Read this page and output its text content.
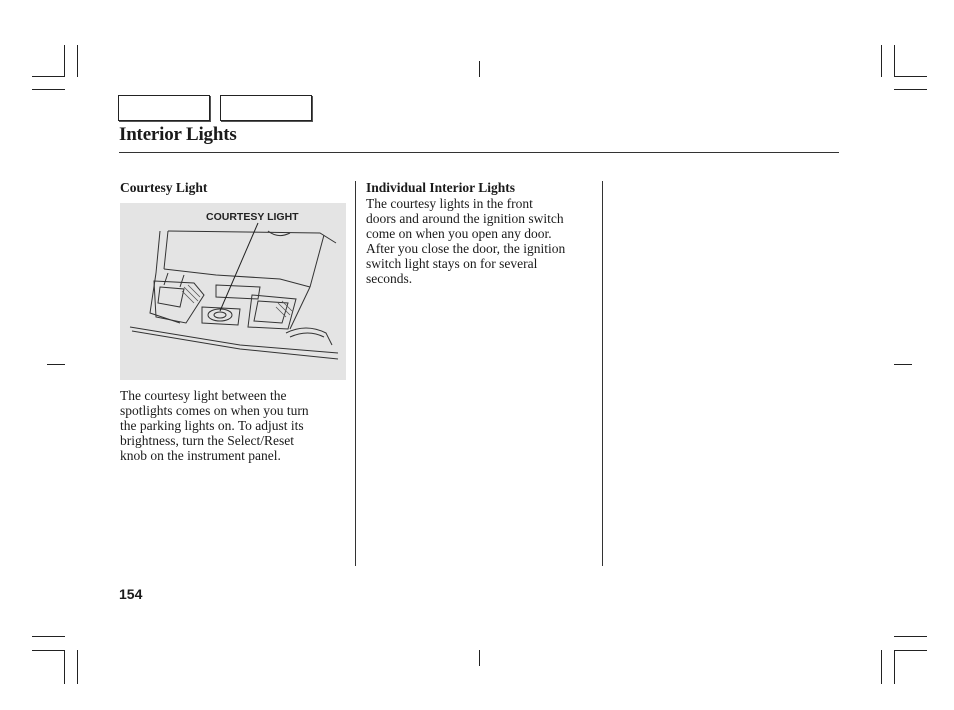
Interior Lights
Courtesy Light
COURTESY LIGHT
The courtesy light between the
spotlights comes on when you turn
the parking lights on. To adjust its
brightness, turn the Select/Reset
knob on the instrument panel.
Individual Interior Lights
The courtesy lights in the front
doors and around the ignition switch
come on when you open any door.
After you close the door, the ignition
switch light stays on for several
seconds.
154
